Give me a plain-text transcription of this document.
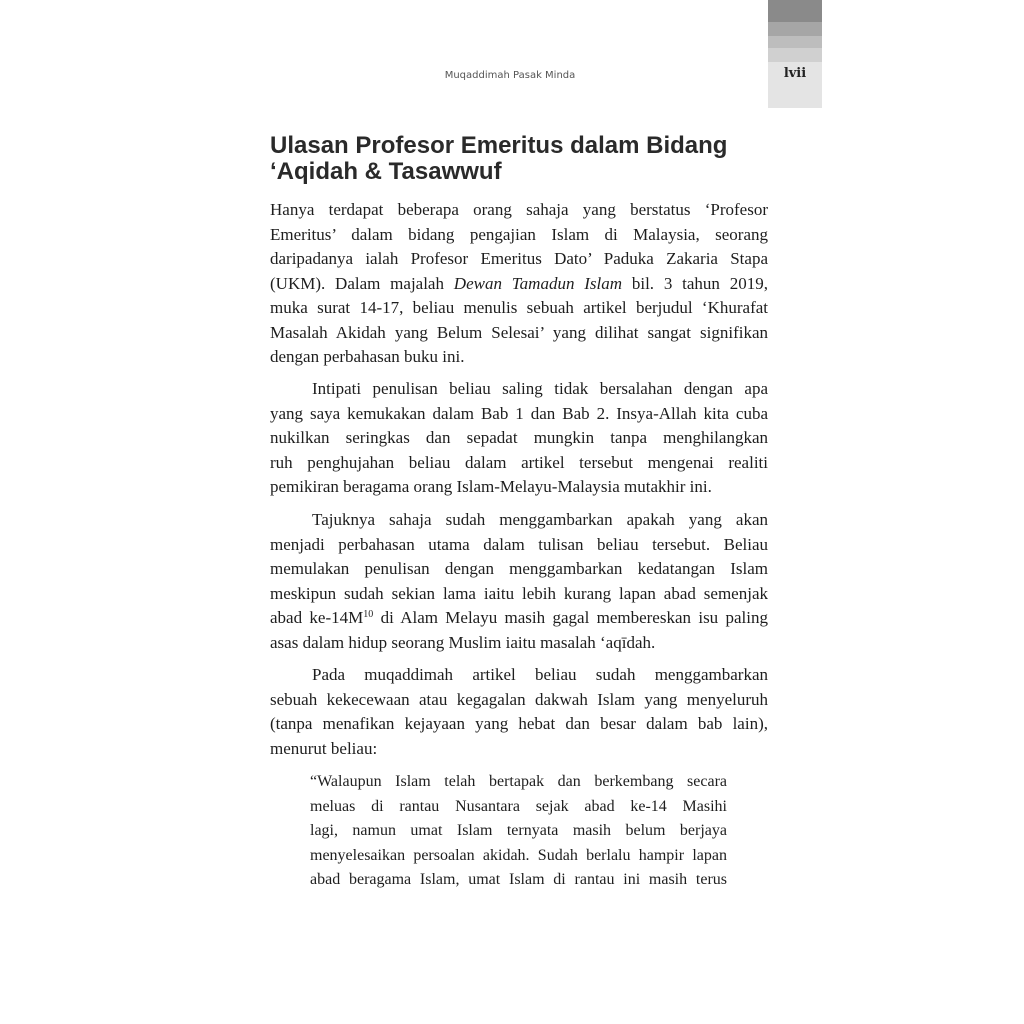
Muqaddimah Pasak Minda	lvii
Ulasan Profesor Emeritus dalam Bidang
‘Aqidah & Tasawwuf
Hanya terdapat beberapa orang sahaja yang berstatus ‘Profesor
Emeritus’ dalam bidang pengajian Islam di Malaysia, seorang
daripadanya ialah Profesor Emeritus Dato’ Paduka Zakaria Stapa
(UKM). Dalam majalah Dewan Tamadun Islam bil. 3 tahun 2019,
muka surat 14-17, beliau menulis sebuah artikel berjudul ‘Khurafat
Masalah Akidah yang Belum Selesai’ yang dilihat sangat signifikan
dengan perbahasan buku ini.
Intipati penulisan beliau saling tidak bersalahan dengan apa
yang saya kemukakan dalam Bab 1 dan Bab 2. Insya-Allah kita cuba
nukilkan seringkas dan sepadat mungkin tanpa menghilangkan
ruh penghujahan beliau dalam artikel tersebut mengenai realiti
pemikiran beragama orang Islam-Melayu-Malaysia mutakhir ini.
Tajuknya sahaja sudah menggambarkan apakah yang akan
menjadi perbahasan utama dalam tulisan beliau tersebut. Beliau
memulakan penulisan dengan menggambarkan kedatangan Islam
meskipun sudah sekian lama iaitu lebih kurang lapan abad semenjak
abad $ke-14M^{10}$ di Alam Melayu masih gagal membereskan isu paling
asas dalam hidup seorang Muslim iaitu masalah ‘aqīdah.
Pada muqaddimah artikel beliau sudah menggambarkan
sebuah kekecewaan atau kegagalan dakwah Islam yang menyeluruh
(tanpa menafikan kejayaan yang hebat dan besar dalam bab lain),
menurut beliau:
“Walaupun Islam telah bertapak dan berkembang secara
meluas di rantau Nusantara sejak abad ke-14 Masihi
lagi, namun umat Islam ternyata masih belum berjaya
menyelesaikan persoalan akidah. Sudah berlalu hampir lapan
abad beragama Islam, umat Islam di rantau ini masih terus
